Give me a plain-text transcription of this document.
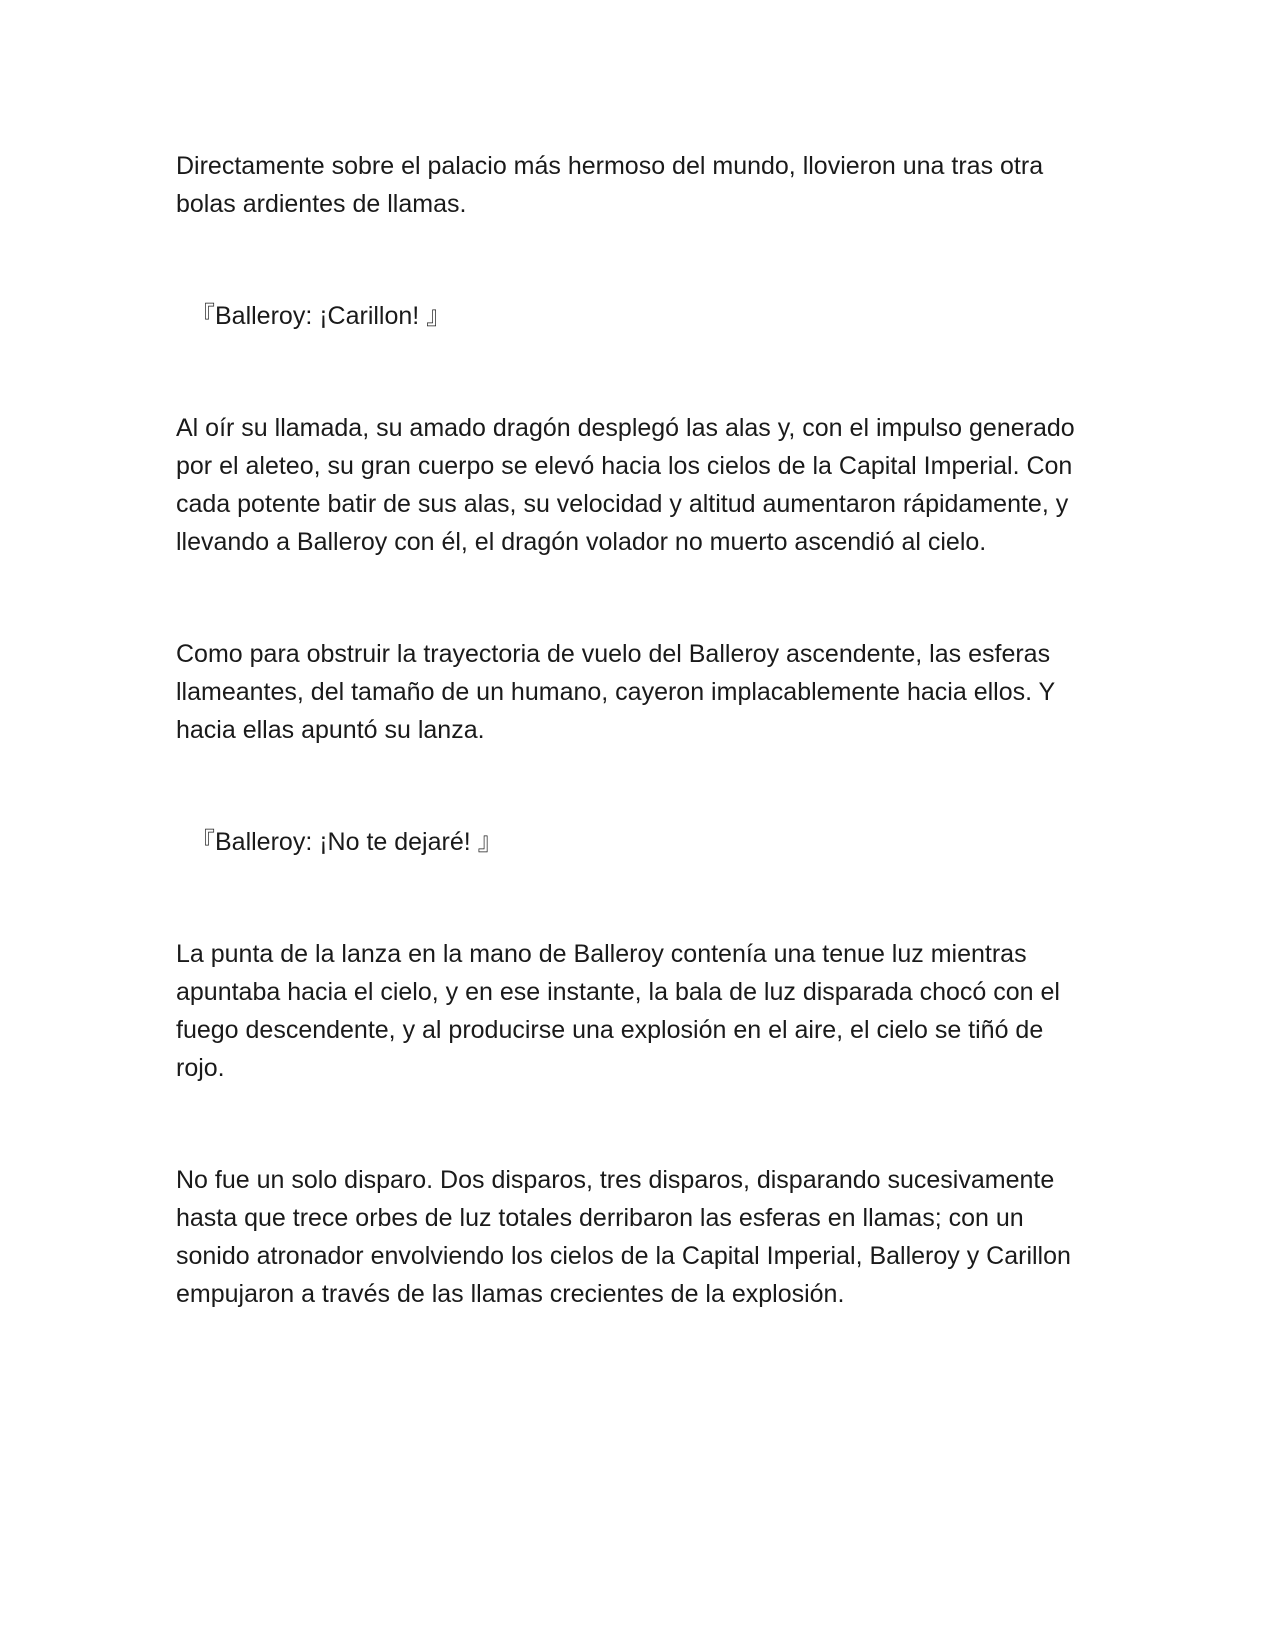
Directamente sobre el palacio más hermoso del mundo, llovieron una tras otra bolas ardientes de llamas.

『Balleroy: ¡Carillon! 』

Al oír su llamada, su amado dragón desplegó las alas y, con el impulso generado por el aleteo, su gran cuerpo se elevó hacia los cielos de la Capital Imperial. Con cada potente batir de sus alas, su velocidad y altitud aumentaron rápidamente, y llevando a Balleroy con él, el dragón volador no muerto ascendió al cielo.

Como para obstruir la trayectoria de vuelo del Balleroy ascendente, las esferas llameantes, del tamaño de un humano, cayeron implacablemente hacia ellos. Y hacia ellas apuntó su lanza.

『Balleroy: ¡No te dejaré! 』

La punta de la lanza en la mano de Balleroy contenía una tenue luz mientras apuntaba hacia el cielo, y en ese instante, la bala de luz disparada chocó con el fuego descendente, y al producirse una explosión en el aire, el cielo se tiñó de rojo.

No fue un solo disparo. Dos disparos, tres disparos, disparando sucesivamente hasta que trece orbes de luz totales derribaron las esferas en llamas; con un sonido atronador envolviendo los cielos de la Capital Imperial, Balleroy y Carillon empujaron a través de las llamas crecientes de la explosión.
